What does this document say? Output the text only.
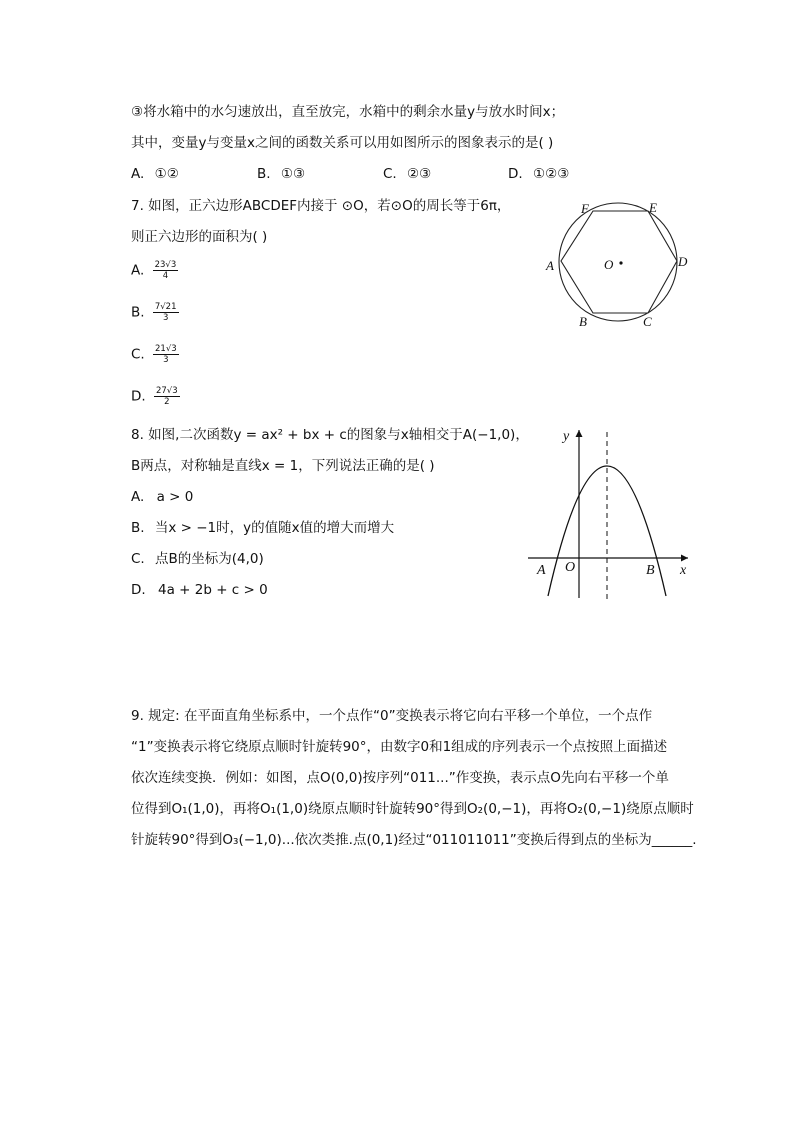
③将水箱中的水匀速放出，直至放完，水箱中的剩余水量y与放水时间x；
其中，变量y与变量x之间的函数关系可以用如图所示的图象表示的是( )
A. ①②	B. ①③	C. ②③	D. ①②③
7. 如图，正六边形ABCDEF内接于 ⊙O，若⊙O的周长等于6π，
则正六边形的面积为( )
A. $\frac{23√3}{4}$
B. $\frac{7√21}{3}$
C. $\frac{21√3}{3}$
D. $\frac{27√3}{2}$
F	E
A	D
O
B	C
8. 如图,二次函数y = ax² + bx + c的图象与x轴相交于A(−1,0)，
B两点，对称轴是直线x = 1，下列说法正确的是( )
A. a > 0
B. 当x > −1时，y的值随x值的增大而增大
C. 点B的坐标为(4,0)
D. 4a + 2b + c > 0
y
x
A O	B
9. 规定: 在平面直角坐标系中，一个点作“0”变换表示将它向右平移一个单位，一个点作
“1”变换表示将它绕原点顺时针旋转90°，由数字0和1组成的序列表示一个点按照上面描述
依次连续变换．例如：如图，点O(0,0)按序列“011...”作变换，表示点O先向右平移一个单
位得到O₁(1,0)，再将O₁(1,0)绕原点顺时针旋转90°得到O₂(0,−1)，再将O₂(0,−1)绕原点顺时
针旋转90°得到O₃(−1,0)...依次类推.点(0,1)经过“011011011”变换后得到点的坐标为______.
